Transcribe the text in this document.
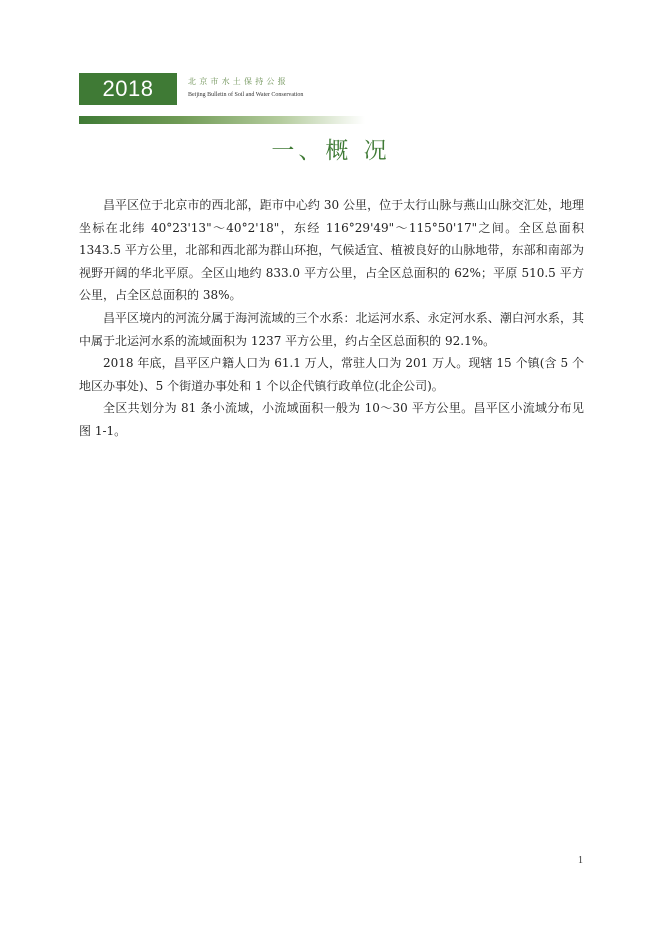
2018	北京市水土保持公报
Beijing Bulletin of Soil and Water Conservation
一、概 况

昌平区位于北京市的西北部，距市中心约 30 公里，位于太行山脉与燕山山脉交汇处，地理坐标在北纬 40°23'13"～40°2'18"，东经 116°29'49"～115°50'17"之间。全区总面积 1343.5 平方公里，北部和西北部为群山环抱，气候适宜、植被良好的山脉地带，东部和南部为视野开阔的华北平原。全区山地约 833.0 平方公里，占全区总面积的 62%；平原 510.5 平方公里，占全区总面积的 38%。

昌平区境内的河流分属于海河流域的三个水系：北运河水系、永定河水系、潮白河水系，其中属于北运河水系的流域面积为 1237 平方公里，约占全区总面积的 92.1%。

2018 年底，昌平区户籍人口为 61.1 万人，常驻人口为 201 万人。现辖 15 个镇(含 5 个地区办事处)、5 个街道办事处和 1 个以企代镇行政单位(北企公司)。

全区共划分为 81 条小流域，小流域面积一般为 10～30 平方公里。昌平区小流域分布见图 1-1。

1
